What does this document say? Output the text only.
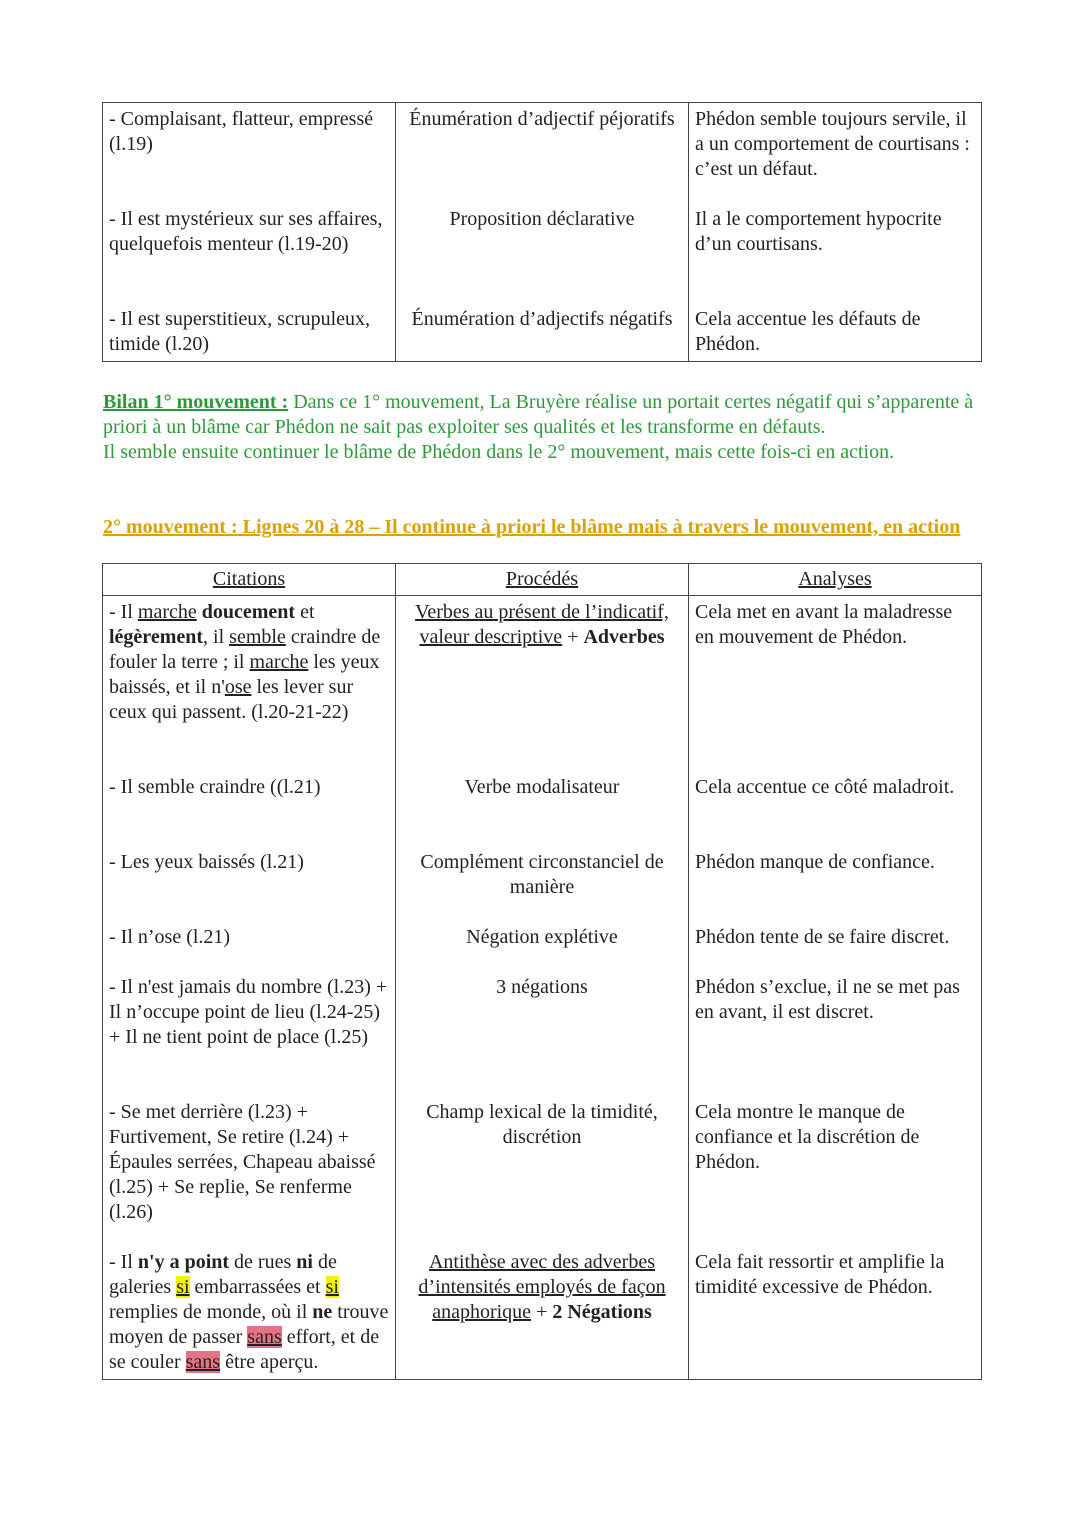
- Complaisant, flatteur, empressé (l.19)	Énumération d’adjectif péjoratifs	Phédon semble toujours servile, il a un comportement de courtisans : c’est un défaut.
- Il est mystérieux sur ses affaires, quelquefois menteur (l.19-20)	Proposition déclarative	Il a le comportement hypocrite d’un courtisans.
- Il est superstitieux, scrupuleux, timide (l.20)	Énumération d’adjectifs négatifs	Cela accentue les défauts de Phédon.
Bilan 1° mouvement : Dans ce 1° mouvement, La Bruyère réalise un portait certes négatif qui s’apparente à priori à un blâme car Phédon ne sait pas exploiter ses qualités et les transforme en défauts.
Il semble ensuite continuer le blâme de Phédon dans le 2° mouvement, mais cette fois-ci en action.
2° mouvement : Lignes 20 à 28 – Il continue à priori le blâme mais à travers le mouvement, en action
Citations	Procédés	Analyses
- Il marche doucement et légèrement, il semble craindre de fouler la terre ; il marche les yeux baissés, et il n'ose les lever sur ceux qui passent. (l.20-21-22)	Verbes au présent de l’indicatif, valeur descriptive + Adverbes	Cela met en avant la maladresse en mouvement de Phédon.
- Il semble craindre ((l.21)	Verbe modalisateur	Cela accentue ce côté maladroit.
- Les yeux baissés (l.21)	Complément circonstanciel de manière	Phédon manque de confiance.
- Il n’ose (l.21)	Négation explétive	Phédon tente de se faire discret.
- Il n'est jamais du nombre (l.23) + Il n’occupe point de lieu (l.24-25) + Il ne tient point de place (l.25)	3 négations	Phédon s’exclue, il ne se met pas en avant, il est discret.
- Se met derrière (l.23) + Furtivement, Se retire (l.24) + Épaules serrées, Chapeau abaissé (l.25) + Se replie, Se renferme (l.26)	Champ lexical de la timidité, discrétion	Cela montre le manque de confiance et la discrétion de Phédon.
- Il n'y a point de rues ni de galeries si embarrassées et si remplies de monde, où il ne trouve moyen de passer sans effort, et de se couler sans être aperçu.	Antithèse avec des adverbes d’intensités employés de façon anaphorique + 2 Négations	Cela fait ressortir et amplifie la timidité excessive de Phédon.
